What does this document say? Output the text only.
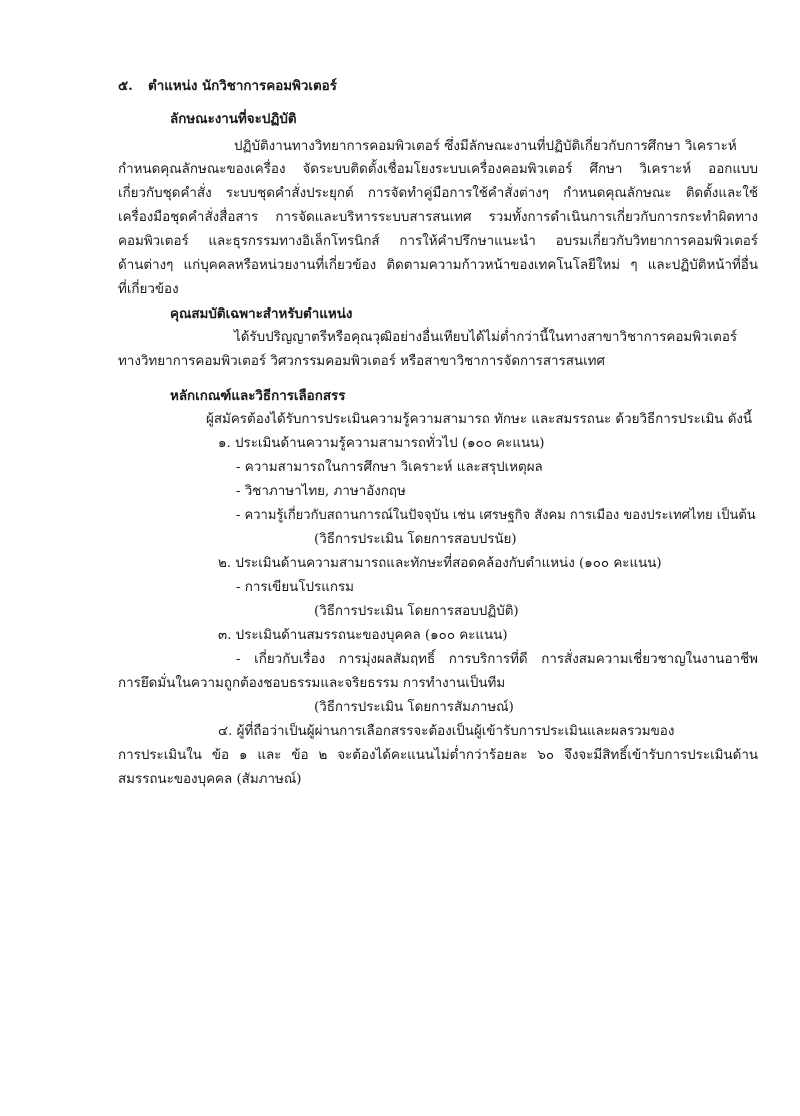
๕. ตำแหน่ง นักวิชาการคอมพิวเตอร์
ลักษณะงานที่จะปฏิบัติ
ปฏิบัติงานทางวิทยาการคอมพิวเตอร์ ซึ่งมีลักษณะงานที่ปฏิบัติเกี่ยวกับการศึกษา วิเคราะห์
กำหนดคุณลักษณะของเครื่อง จัดระบบติดตั้งเชื่อมโยงระบบเครื่องคอมพิวเตอร์ ศึกษา วิเคราะห์ ออกแบบ
เกี่ยวกับชุดคำสั่ง ระบบชุดคำสั่งประยุกต์ การจัดทำคู่มือการใช้คำสั่งต่างๆ กำหนดคุณลักษณะ ติดตั้งและใช้
เครื่องมือชุดคำสั่งสื่อสาร การจัดและบริหารระบบสารสนเทศ รวมทั้งการดำเนินการเกี่ยวกับการกระทำผิดทาง
คอมพิวเตอร์ และธุรกรรมทางอิเล็กโทรนิกส์ การให้คำปรึกษาแนะนำ อบรมเกี่ยวกับวิทยาการคอมพิวเตอร์
ด้านต่างๆ แก่บุคคลหรือหน่วยงานที่เกี่ยวข้อง ติดตามความก้าวหน้าของเทคโนโลยีใหม่ ๆ และปฏิบัติหน้าที่อื่น
ที่เกี่ยวข้อง
คุณสมบัติเฉพาะสำหรับตำแหน่ง
ได้รับปริญญาตรีหรือคุณวุฒิอย่างอื่นเทียบได้ไม่ต่ำกว่านี้ในทางสาขาวิชาการคอมพิวเตอร์
ทางวิทยาการคอมพิวเตอร์ วิศวกรรมคอมพิวเตอร์ หรือสาขาวิชาการจัดการสารสนเทศ
หลักเกณฑ์และวิธีการเลือกสรร
ผู้สมัครต้องได้รับการประเมินความรู้ความสามารถ ทักษะ และสมรรถนะ ด้วยวิธีการประเมิน ดังนี้
๑. ประเมินด้านความรู้ความสามารถทั่วไป (๑๐๐ คะแนน)
- ความสามารถในการศึกษา วิเคราะห์ และสรุปเหตุผล
- วิชาภาษาไทย, ภาษาอังกฤษ
- ความรู้เกี่ยวกับสถานการณ์ในปัจจุบัน เช่น เศรษฐกิจ สังคม การเมือง ของประเทศไทย เป็นต้น
(วิธีการประเมิน โดยการสอบปรนัย)
๒. ประเมินด้านความสามารถและทักษะที่สอดคล้องกับตำแหน่ง (๑๐๐ คะแนน)
- การเขียนโปรแกรม
(วิธีการประเมิน โดยการสอบปฏิบัติ)
๓. ประเมินด้านสมรรถนะของบุคคล (๑๐๐ คะแนน)
- เกี่ยวกับเรื่อง การมุ่งผลสัมฤทธิ์ การบริการที่ดี การสั่งสมความเชี่ยวชาญในงานอาชีพ
การยึดมั่นในความถูกต้องชอบธรรมและจริยธรรม การทำงานเป็นทีม
(วิธีการประเมิน โดยการสัมภาษณ์)
๔. ผู้ที่ถือว่าเป็นผู้ผ่านการเลือกสรรจะต้องเป็นผู้เข้ารับการประเมินและผลรวมของ
การประเมินใน ข้อ ๑ และ ข้อ ๒ จะต้องได้คะแนนไม่ต่ำกว่าร้อยละ ๖๐ จึงจะมีสิทธิ์เข้ารับการประเมินด้าน
สมรรถนะของบุคคล (สัมภาษณ์)
